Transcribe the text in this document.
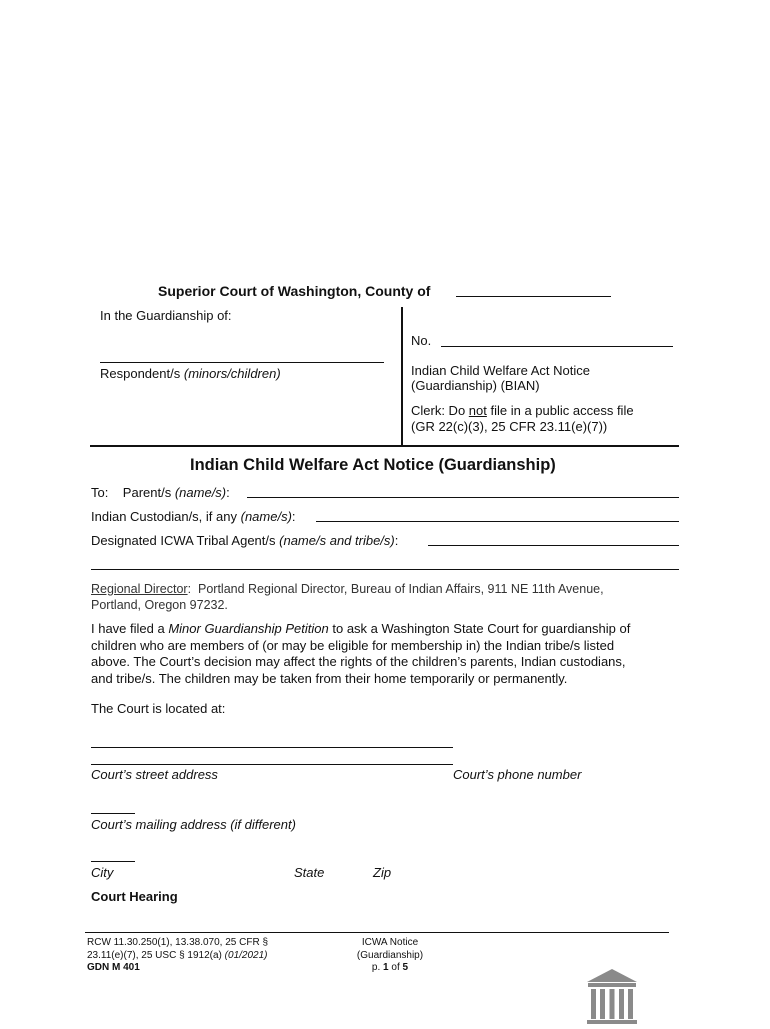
Superior Court of Washington, County of
In the Guardianship of:
Respondent/s (minors/children)
No.
Indian Child Welfare Act Notice
(Guardianship) (BIAN)
Clerk: Do not file in a public access file
(GR 22(c)(3), 25 CFR 23.11(e)(7))
Indian Child Welfare Act Notice (Guardianship)
To: Parent/s (name/s):
Indian Custodian/s, if any (name/s):
Designated ICWA Tribal Agent/s (name/s and tribe/s):
Regional Director:  Portland Regional Director, Bureau of Indian Affairs, 911 NE 11th Avenue,
Portland, Oregon 97232.
I have filed a Minor Guardianship Petition to ask a Washington State Court for guardianship of
children who are members of (or may be eligible for membership in) the Indian tribe/s listed
above. The Court’s decision may affect the rights of the children’s parents, Indian custodians,
and tribe/s. The children may be taken from their home temporarily or permanently.
The Court is located at:
Court’s street address	Court’s phone number
Court’s mailing address (if different)
City	State	Zip
Court Hearing
RCW 11.30.250(1), 13.38.070, 25 CFR §
23.11(e)(7), 25 USC § 1912(a) (01/2021)
GDN M 401
ICWA Notice
(Guardianship)
p. 1 of 5
